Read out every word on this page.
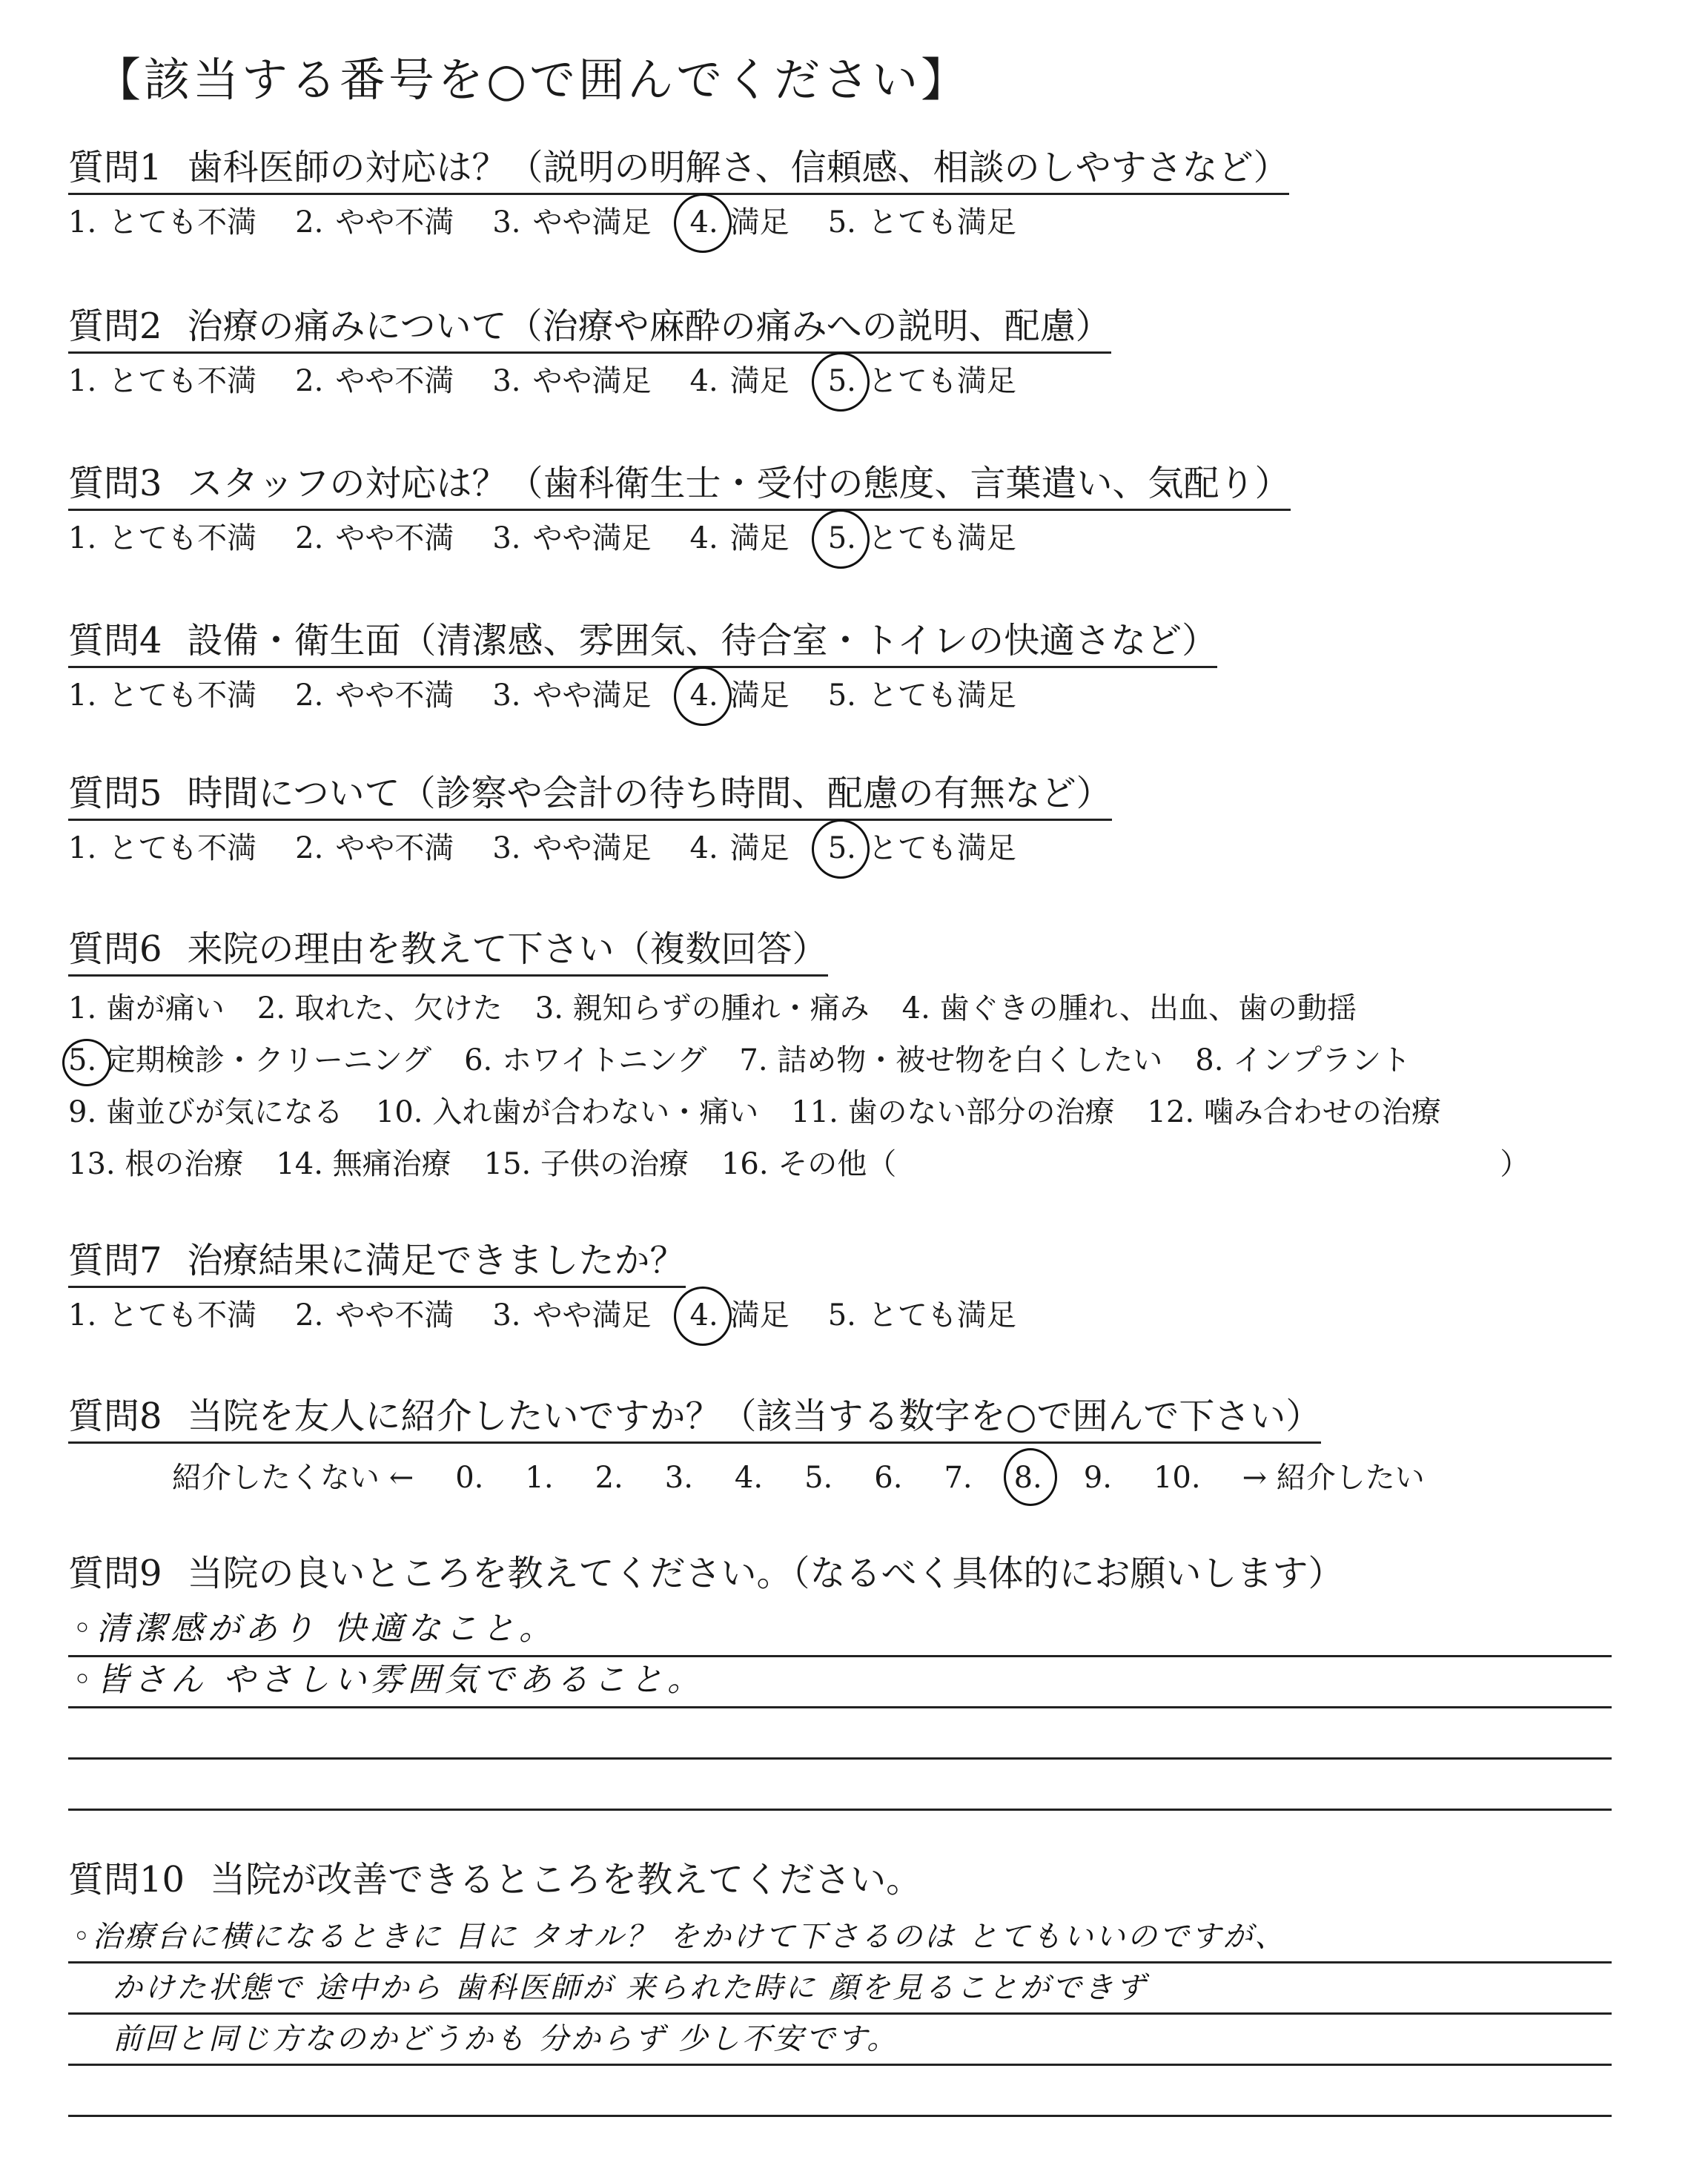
【該当する番号を○で囲んでください】
質問1 歯科医師の対応は？（説明の明解さ、信頼感、相談のしやすさなど）
1. とても不満 2. やや不満 3. やや満足 4. 満足 5. とても満足
質問2 治療の痛みについて（治療や麻酔の痛みへの説明、配慮）
1. とても不満 2. やや不満 3. やや満足 4. 満足 5. とても満足
質問3 スタッフの対応は？（歯科衛生士・受付の態度、言葉遣い、気配り）
1. とても不満 2. やや不満 3. やや満足 4. 満足 5. とても満足
質問4 設備・衛生面（清潔感、雰囲気、待合室・トイレの快適さなど）
1. とても不満 2. やや不満 3. やや満足 4. 満足 5. とても満足
質問5 時間について（診察や会計の待ち時間、配慮の有無など）
1. とても不満 2. やや不満 3. やや満足 4. 満足 5. とても満足
質問6 来院の理由を教えて下さい（複数回答）
1. 歯が痛い 2. 取れた、欠けた 3. 親知らずの腫れ・痛み 4. 歯ぐきの腫れ、出血、歯の動揺
5. 定期検診・クリーニング 6. ホワイトニング 7. 詰め物・被せ物を白くしたい 8. インプラント
9. 歯並びが気になる 10. 入れ歯が合わない・痛い 11. 歯のない部分の治療 12. 噛み合わせの治療
13. 根の治療 14. 無痛治療 15. 子供の治療 16. その他（	）
質問7 治療結果に満足できましたか？
1. とても不満 2. やや不満 3. やや満足 4. 満足 5. とても満足
質問8 当院を友人に紹介したいですか？（該当する数字を○で囲んで下さい）
紹介したくない ← 0. 1. 2. 3. 4. 5. 6. 7. 8. 9. 10. → 紹介したい
質問9 当院の良いところを教えてください。（なるべく具体的にお願いします）
◦清潔感があり 快適なこと。
◦皆さん やさしい雰囲気であること。
質問10 当院が改善できるところを教えてください。
◦治療台に横になるときに 目に タオル？ をかけて下さるのは とてもいいのですが、
かけた状態で 途中から 歯科医師が 来られた時に 顔を見ることができず
前回と同じ方なのかどうかも 分からず 少し不安です。
